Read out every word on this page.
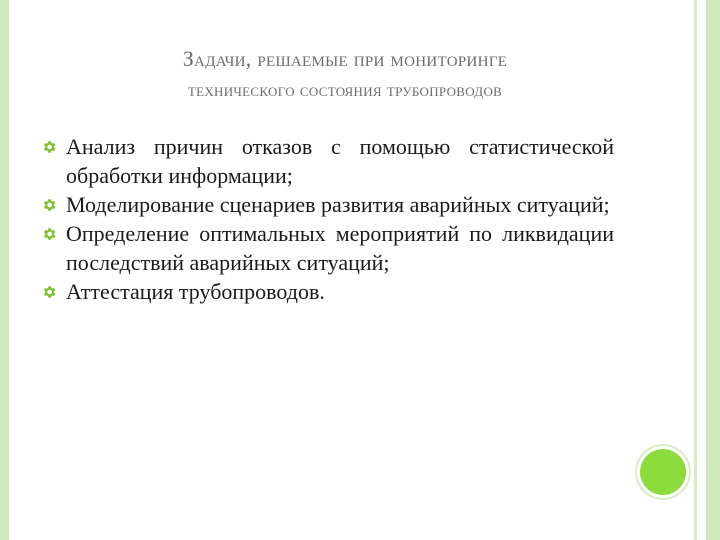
Задачи, решаемые при мониторинге
технического состояния трубопроводов
Анализ причин отказов с помощью статистической обработки информации;
Моделирование сценариев развития аварийных ситуаций;
Определение оптимальных мероприятий по ликвидации последствий аварийных ситуаций;
Аттестация трубопроводов.
